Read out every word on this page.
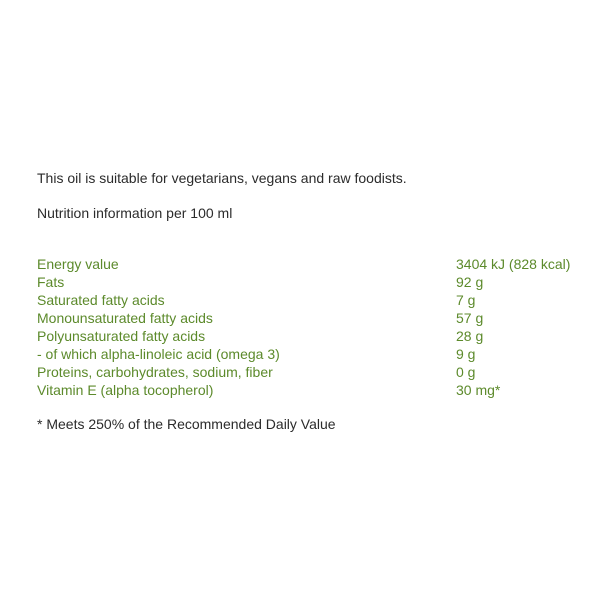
This oil is suitable for vegetarians, vegans and raw foodists.

Nutrition information per 100 ml

Energy value	3404 kJ (828 kcal)
Fats	92 g
Saturated fatty acids	7 g
Monounsaturated fatty acids	57 g
Polyunsaturated fatty acids	28 g
- of which alpha-linoleic acid (omega 3)	9 g
Proteins, carbohydrates, sodium, fiber	0 g
Vitamin E (alpha tocopherol)	30 mg*

* Meets 250% of the Recommended Daily Value
